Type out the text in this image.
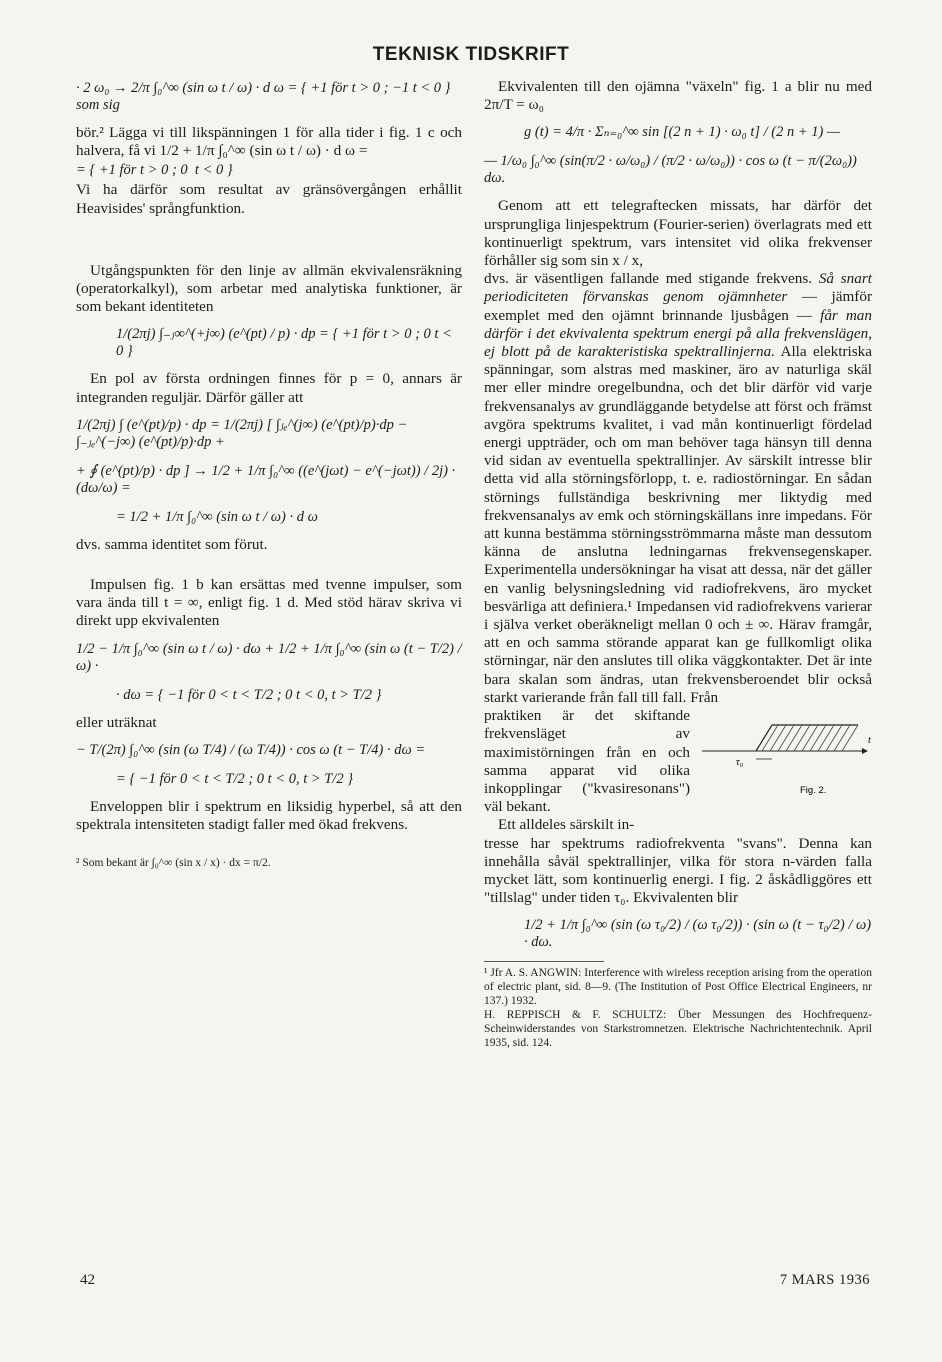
TEKNISK TIDSKRIFT
· 2 ω₀ → 2/π ∫₀^∞ (sin ω t / ω) · d ω = { +1 för t > 0 ; −1 t < 0 } som sig

bör.² Lägga vi till likspänningen 1 för alla tider i fig. 1 c och halvera, få vi 1/2 + 1/π ∫₀^∞ (sin ω t / ω) · d ω =

= { +1 för t > 0 ; 0  t < 0 }

Vi ha därför som resultat av gränsövergången erhållit Heavisides' språngfunktion.

Utgångspunkten för den linje av allmän ekvivalensräkning (operatorkalkyl), som arbetar med analytiska funktioner, är som bekant identiteten

1/(2πj) ∫₋ⱼ∞^(+j∞) (e^(pt) / p) · dp = { +1 för t > 0 ; 0 t < 0 }

En pol av första ordningen finnes för p = 0, annars är integranden reguljär. Därför gäller att

1/(2πj) ∫ (e^(pt)/p) · dp = 1/(2πj) [ ∫ⱼₑ^(j∞) (e^(pt)/p)·dp − ∫₋ⱼₑ^(−j∞) (e^(pt)/p)·dp +
+ ∮ (e^(pt)/p) · dp ] → 1/2 + 1/π ∫₀^∞ ((e^(jωt) − e^(−jωt)) / 2j) · (dω/ω) =
= 1/2 + 1/π ∫₀^∞ (sin ω t / ω) · d ω

dvs. samma identitet som förut.

Impulsen fig. 1 b kan ersättas med tvenne impulser, som vara ända till t = ∞, enligt fig. 1 d. Med stöd härav skriva vi direkt upp ekvivalenten

1/2 − 1/π ∫₀^∞ (sin ω t / ω) · dω + 1/2 + 1/π ∫₀^∞ (sin ω (t − T/2) / ω) ·
· dω = { −1 för 0 < t < T/2 ; 0 t < 0, t > T/2 }

eller uträknat

− T/(2π) ∫₀^∞ (sin (ω T/4) / (ω T/4)) · cos ω (t − T/4) · dω =
= { −1 för 0 < t < T/2 ; 0 t < 0, t > T/2 }

Enveloppen blir i spektrum en liksidig hyperbel, så att den spektrala intensiteten stadigt faller med ökad frekvens.

² Som bekant är ∫₀^∞ (sin x / x) · dx = π/2.

Ekvivalenten till den ojämna "växeln" fig. 1 a blir nu med 2π/T = ω₀

g (t) = 4/π · Σₙ₌₀^∞ sin [(2 n + 1) · ω₀ t] / (2 n + 1) —
— 1/ω₀ ∫₀^∞ (sin(π/2 · ω/ω₀) / (π/2 · ω/ω₀)) · cos ω (t − π/(2ω₀)) dω.

Genom att ett telegraftecken missats, har därför det ursprungliga linjespektrum (Fourier-serien) överlagrats med ett kontinuerligt spektrum, vars intensitet vid olika frekvenser förhåller sig som sin x / x,

dvs. är väsentligen fallande med stigande frekvens. Så snart periodiciteten förvanskas genom ojämnheter — jämför exemplet med den ojämnt brinnande ljusbågen — får man därför i det ekvivalenta spektrum energi på alla frekvenslägen, ej blott på de karakteristiska spektrallinjerna. Alla elektriska spänningar, som alstras med maskiner, äro av naturliga skäl mer eller mindre oregelbundna, och det blir därför vid varje frekvensanalys av grundläggande betydelse att först och främst avgöra spektrums kvalitet, i vad mån kontinuerligt fördelad energi uppträder, och om man behöver taga hänsyn till denna vid sidan av eventuella spektrallinjer. Av särskilt intresse blir detta vid alla störningsförlopp, t. e. radiostörningar. En sådan störnings fullständiga beskrivning mer liktydig med frekvensanalys av emk och störningskällans inre impedans. För att kunna bestämma störningsströmmarna måste man dessutom känna de anslutna ledningarnas frekvensegenskaper. Experimentella undersökningar ha visat att dessa, när det gäller en vanlig belysningsledning vid radiofrekvens, äro mycket besvärliga att definiera.¹ Impedansen vid radiofrekvens varierar i själva verket oberäkneligt mellan 0 och ± ∞. Härav framgår, att en och samma störande apparat kan ge fullkomligt olika störningar, när den anslutes till olika väggkontakter. Det är inte bara skalan som ändras, utan frekvensberoendet blir också starkt varierande från fall till fall. Från

t
τ₀
Fig. 2.

praktiken är det skiftande frekvensläget av maximistörningen från en och samma apparat vid olika inkopplingar ("kvasiresonans") väl bekant.

Ett alldeles särskilt in-

tresse har spektrums radiofrekventa "svans". Denna kan innehålla såväl spektrallinjer, vilka för stora n-värden falla mycket lätt, som kontinuerlig energi. I fig. 2 åskådliggöres ett "tillslag" under tiden τ₀. Ekvivalenten blir

1/2 + 1/π ∫₀^∞ (sin (ω τ₀/2) / (ω τ₀/2)) · (sin ω (t − τ₀/2) / ω) · dω.
¹ Jfr A. S. ANGWIN: Interference with wireless reception arising from the operation of electric plant, sid. 8—9. (The Institution of Post Office Electrical Engineers, nr 137.) 1932.
H. REPPISCH & F. SCHULTZ: Über Messungen des Hochfrequenz-Scheinwiderstandes von Starkstromnetzen. Elektrische Nachrichtentechnik. April 1935, sid. 124.
42	7 MARS 1936
